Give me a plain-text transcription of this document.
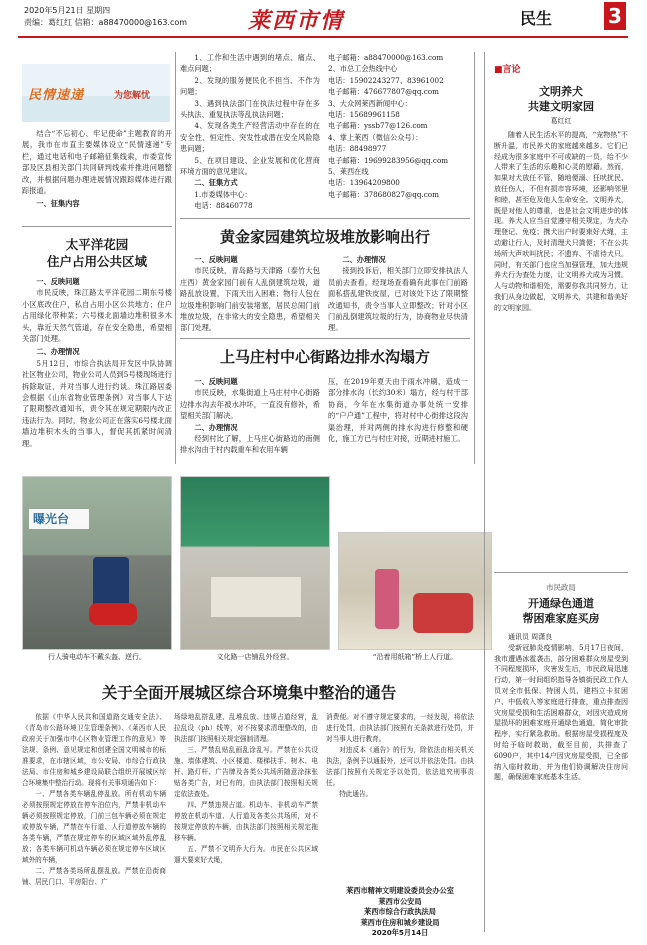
2020年5月21日 星期四
责编：葛红红 信箱：a88470000@163.com	莱西市情	民生	3
民情速递	为您解忧

结合“不忘初心、牢记使命”主题教育的开展，我市在市直主要媒体设立“民情速递”专栏，通过电话和电子邮箱征集线索，市委宣传部及区县相关部门共同研判线索并推进问题整改，并根据问题办理进展情况跟踪媒体进行跟踪报道。

一、征集内容

太平洋花园
住户占用公共区域

一、反映问题

市民反映，珠江路太平洋花园二期东号楼小区底改住户，私自占用小区公共地方；住户占用绿化带种菜；六号楼北面墙边堆积很多木头，靠近天然气管道，存在安全隐患，希望相关部门处理。

二、办理情况

5月12日，市综合执法局开发区中队协调社区物业公司，物业公司人员到5号楼现场进行拆除取证，并对当事人进行约谈。珠江路居委会根据《山东省物业管理条例》对当事人下达了限期整改通知书，责令其在规定期限内改正违法行为。同时，物业公司正在落实6号楼北面墙边堆积木头的当事人，督促其抓紧时间清理。

1、工作和生活中遇到的堵点、痛点、难点问题；

2、发现的服务便民化不担当、不作为问题；

3、遇到执法部门在执法过程中存在多头执法、重复执法等乱执法问题；

4、发现各类生产经营活动中存在的在安全性、恒定性、突发性或潜在安全风险隐患问题；

5、在项目建设、企业发展和优化营商环境方面的意见建议。

二、征集方式

1.市委媒体中心：

电话：88460778

电子邮箱：a88470000@163.com

2、市总工会热线中心

电话：15902243277、83961002

电子邮箱：476677807@qq.com

3、大众网莱西新闻中心：

电话：15689961158

电子邮箱：yssb77@126.com

4、掌上莱西（微信公众号）：

电话：88498977

电子邮箱：19699283956@qq.com

5、莱西在线

电话：13964209800

电子邮箱：378680827@qq.com

黄金家园建筑垃圾堆放影响出行

一、反映问题

市民反映，青岛路与天津路（泰竹大包庄西）黄金家园门前有人乱倒建筑垃圾，道路乱放设置，下雨天出入困难；物行人包在垃圾堆积影响门前安装堵塞，居民总闹门前堆放垃圾，在非常大的安全隐患，希望相关部门处理。

二、办理情况

接到投诉后，相关部门立即安排执法人员前去查看，经现场查看确有此事在门前路面私搭乱建铁皮屋，已对该处下达了限期整改通知书，责令当事人立即整改；针对小区门前乱倒建筑垃圾的行为，协商物业尽快清理。

上马庄村中心街路边排水沟塌方

一、反映问题

市民反映，水集街道上马庄村中心街路边排水沟去年被水冲坏，一直没有修补，希望相关部门解决。

二、办理情况

经到村比了解，上马庄心街路边的南侧排水沟由于村内载重车和农用车辆

压，在2019年夏天由于雨水冲刷，造成一部分排水沟（长约30米）塌方，经与村干部协商，今年在水集街道办事处统一安排的“户户通”工程中，将对村中心街排这段沟渠治理，并对两侧的排水沟进行修整和硬化，施工方已与村庄对接，近期进村施工。

曝光台
行人骑电动车不戴头盔、逆行。	文化路一店铺乱外经营。	“沿着用纸箱”桥上人行道。
关于全面开展城区综合环境集中整治的通告

依据《中华人民共和国道路交通安全法》、《青岛市公路环境卫生管理条例》、《莱西市人民政府关于加强市中心区物业管理工作的意见》等法规、条例、意见规定和创建全国文明城市的标准要求，在市辖区域，市公安局、市综合行政执法局、市住房和城乡建设局联合组织开展城区综合环境集中整治行动。现将有关事项通告如下：

一、严禁各类车辆乱停乱放。所有机动车辆必须按照规定停放在停车泊位内，严禁非机动车辆必须按照规定停放，门前三包车辆必须在规定或停放车辆，严禁在车行道、人行道停放车辆的各类车辆，严禁在规定停车的区域区域外乱停乱放；各类车辆可机动车辆必须在规定停车区域区域外的车辆，

二、严禁各类场所乱摆乱放。严禁在沿街商铺、居民门口、平房阳台、广

场绿地乱搭乱建、乱堆乱放、违规占道经营，乱拉乱设（ph）线等，对不按要求清理整改的，由执法部门按照相关规定强制清理。

三、严禁乱贴乱画乱涂乱写。严禁在公共设施、墙体建筑、小区楼道、楼梯扶手、树木、电杆、路灯杆、广告牌及各类公共场所随意涂抹张贴各类广告，对已有的，由执法部门按照相关规定依法查处。

四、严禁违规占道。机动车、非机动车严禁停放在机动车道、人行道及各类公共场所，对不按规定停放的车辆，由执法部门按照相关规定拖移车辆。

五、严禁不文明乔大行为。市民在公共区域遛犬要束好犬绳，

消费便。对不遵守规定要求的，一经发现，将依法进行处罚，由执法部门按照有关条款进行处罚，并对当事人进行教育。

对违反本《通告》的行为，除依法由相关机关执法，条例予以通报外，还可以并依法处罚。由执法部门按照有关规定予以处罚，依法追究刑事责任。

特此通告。

莱西市精神文明建设委员会办公室
莱西市公安局
莱西市综合行政执法局
莱西市住房和城乡建设局
2020年5月14日
■言论
文明养犬
共建文明家园
葛红红

随着人民生活水平的提高，“宠物热”不断升温，市民养犬的家庭越来越多。它们已经成为很多家庭中不可或缺的一员，给不少人带来了生活的乐趣和心灵的慰藉。然而，如果对犬放任不管，随地便溺、狂吠扰民、放任伤人，不但有损市容环境，还影响邻里和睦，甚至危及他人生命安全。文明养犬，既是对他人的尊重，也是社会文明进步的体现。养犬人应当自觉遵守相关规定，为犬办理登记、免疫；携犬出户时要束好犬绳，主动避让行人，及时清理犬只粪便；不在公共场所大声吠叫扰民；不遗弃、不虐待犬只。同时，有关部门也应当加强管理，加大违规养犬行为查处力度，让文明养犬成为习惯。人与动物和谐相处，需要你我共同努力，让我们从身边做起，文明养犬，共建和谐美好的文明家园。

市民政局
开通绿色通道
帮困难家庭买房

通讯员 周潇良

受新冠肺炎疫情影响，5月17日夜间，我市遭遇冰雹袭击，部分困难群众房屋受到不同程度损坏，灾害发生后，市民政局迅速行动，第一时间组织指导各镇街民政工作人员对全市低保、特困人员、建档立卡贫困户、中低收入等家庭进行排查，重点排查因灾房屋受损和生活困难群众，对因灾造成房屋损坏的困难家庭开通绿色通道，简化审批程序，实行紧急救助。根据房屋受损程度及时给予临时救助，截至目前，共排查了6090户，其中14户因灾房屋受损，已全部纳入临时救助，并为他们协调解决住房问题，确保困难家庭基本生活。
